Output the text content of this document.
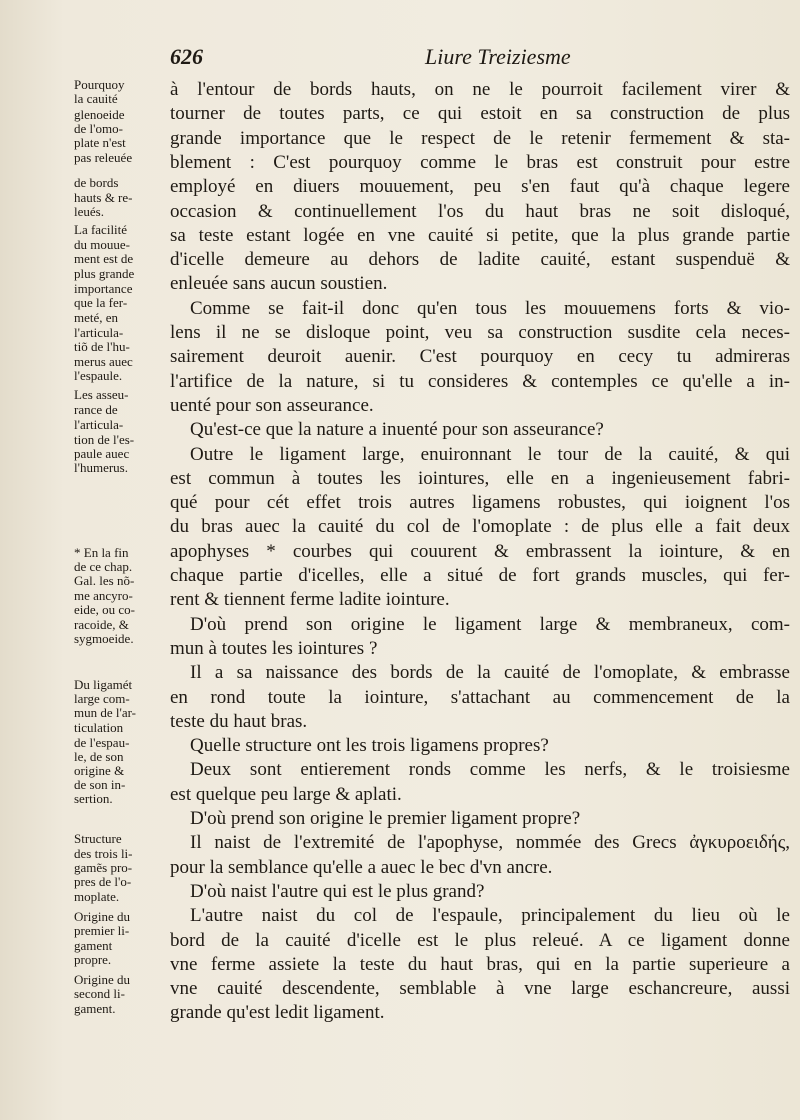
626	Liure Treiziesme
Pourquoy
la cauité
glenoeide
de l'omo-
plate n'est
pas releuée
de bords
hauts & re-
leués.
La facilité
du mouue-
ment est de
plus grande
importance
que la fer-
meté, en
l'articula-
tiõ de l'hu-
merus auec
l'espaule.
Les asseu-
rance de
l'articula-
tion de l'es-
paule auec
l'humerus.
* En la fin
de ce chap.
Gal. les nõ-
me ancyro-
eide, ou co-
racoide, &
sygmoeide.
Du ligamét
large com-
mun de l'ar-
ticulation
de l'espau-
le, de son
origine &
de son in-
sertion.
Structure
des trois li-
gamẽs pro-
pres de l'o-
moplate.
Origine du
premier li-
gament
propre.
Origine du
second li-
gament.
à l'entour de bords hauts, on ne le pourroit facilement virer &
tourner de toutes parts, ce qui estoit en sa construction de plus
grande importance que le respect de le retenir fermement & sta-
blement : C'est pourquoy comme le bras est construit pour estre
employé en diuers mouuement, peu s'en faut qu'à chaque legere
occasion & continuellement l'os du haut bras ne soit disloqué,
sa teste estant logée en vne cauité si petite, que la plus grande partie
d'icelle demeure au dehors de ladite cauité, estant suspenduë &
enleuée sans aucun soustien.
Comme se fait-il donc qu'en tous les mouuemens forts & vio-
lens il ne se disloque point, veu sa construction susdite cela neces-
sairement deuroit auenir. C'est pourquoy en cecy tu admireras
l'artifice de la nature, si tu consideres & contemples ce qu'elle a in-
uenté pour son asseurance.
Qu'est-ce que la nature a inuenté pour son asseurance?
Outre le ligament large, enuironnant le tour de la cauité, & qui
est commun à toutes les iointures, elle en a ingenieusement fabri-
qué pour cét effet trois autres ligamens robustes, qui ioignent l'os
du bras auec la cauité du col de l'omoplate : de plus elle a fait deux
apophyses * courbes qui couurent & embrassent la iointure, & en
chaque partie d'icelles, elle a situé de fort grands muscles, qui fer-
rent & tiennent ferme ladite iointure.
D'où prend son origine le ligament large & membraneux, com-
mun à toutes les iointures ?
Il a sa naissance des bords de la cauité de l'omoplate, & embrasse
en rond toute la iointure, s'attachant au commencement de la
teste du haut bras.
Quelle structure ont les trois ligamens propres?
Deux sont entierement ronds comme les nerfs, & le troisiesme
est quelque peu large & aplati.
D'où prend son origine le premier ligament propre?
Il naist de l'extremité de l'apophyse, nommée des Grecs ἀγκυροειδής,
pour la semblance qu'elle a auec le bec d'vn ancre.
D'où naist l'autre qui est le plus grand?
L'autre naist du col de l'espaule, principalement du lieu où le
bord de la cauité d'icelle est le plus releué. A ce ligament donne
vne ferme assiete la teste du haut bras, qui en la partie superieure a
vne cauité descendente, semblable à vne large eschancreure, aussi
grande qu'est ledit ligament.
